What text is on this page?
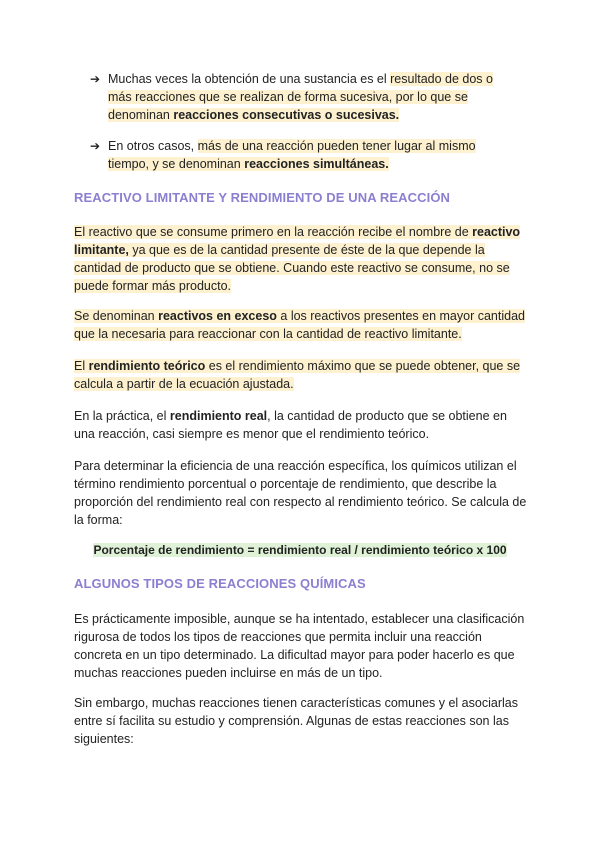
➔ Muchas veces la obtención de una sustancia es el resultado de dos o más reacciones que se realizan de forma sucesiva, por lo que se denominan reacciones consecutivas o sucesivas.
➔ En otros casos, más de una reacción pueden tener lugar al mismo tiempo, y se denominan reacciones simultáneas.
REACTIVO LIMITANTE Y RENDIMIENTO DE UNA REACCIÓN

El reactivo que se consume primero en la reacción recibe el nombre de reactivo limitante, ya que es de la cantidad presente de éste de la que depende la cantidad de producto que se obtiene. Cuando este reactivo se consume, no se puede formar más producto.

Se denominan reactivos en exceso a los reactivos presentes en mayor cantidad que la necesaria para reaccionar con la cantidad de reactivo limitante.

El rendimiento teórico es el rendimiento máximo que se puede obtener, que se calcula a partir de la ecuación ajustada.

En la práctica, el rendimiento real, la cantidad de producto que se obtiene en una reacción, casi siempre es menor que el rendimiento teórico.

Para determinar la eficiencia de una reacción específica, los químicos utilizan el término rendimiento porcentual o porcentaje de rendimiento, que describe la proporción del rendimiento real con respecto al rendimiento teórico. Se calcula de la forma:

Porcentaje de rendimiento = rendimiento real / rendimiento teórico x 100
ALGUNOS TIPOS DE REACCIONES QUÍMICAS

Es prácticamente imposible, aunque se ha intentado, establecer una clasificación rigurosa de todos los tipos de reacciones que permita incluir una reacción concreta en un tipo determinado. La dificultad mayor para poder hacerlo es que muchas reacciones pueden incluirse en más de un tipo.

Sin embargo, muchas reacciones tienen características comunes y el asociarlas entre sí facilita su estudio y comprensión. Algunas de estas reacciones son las siguientes:
